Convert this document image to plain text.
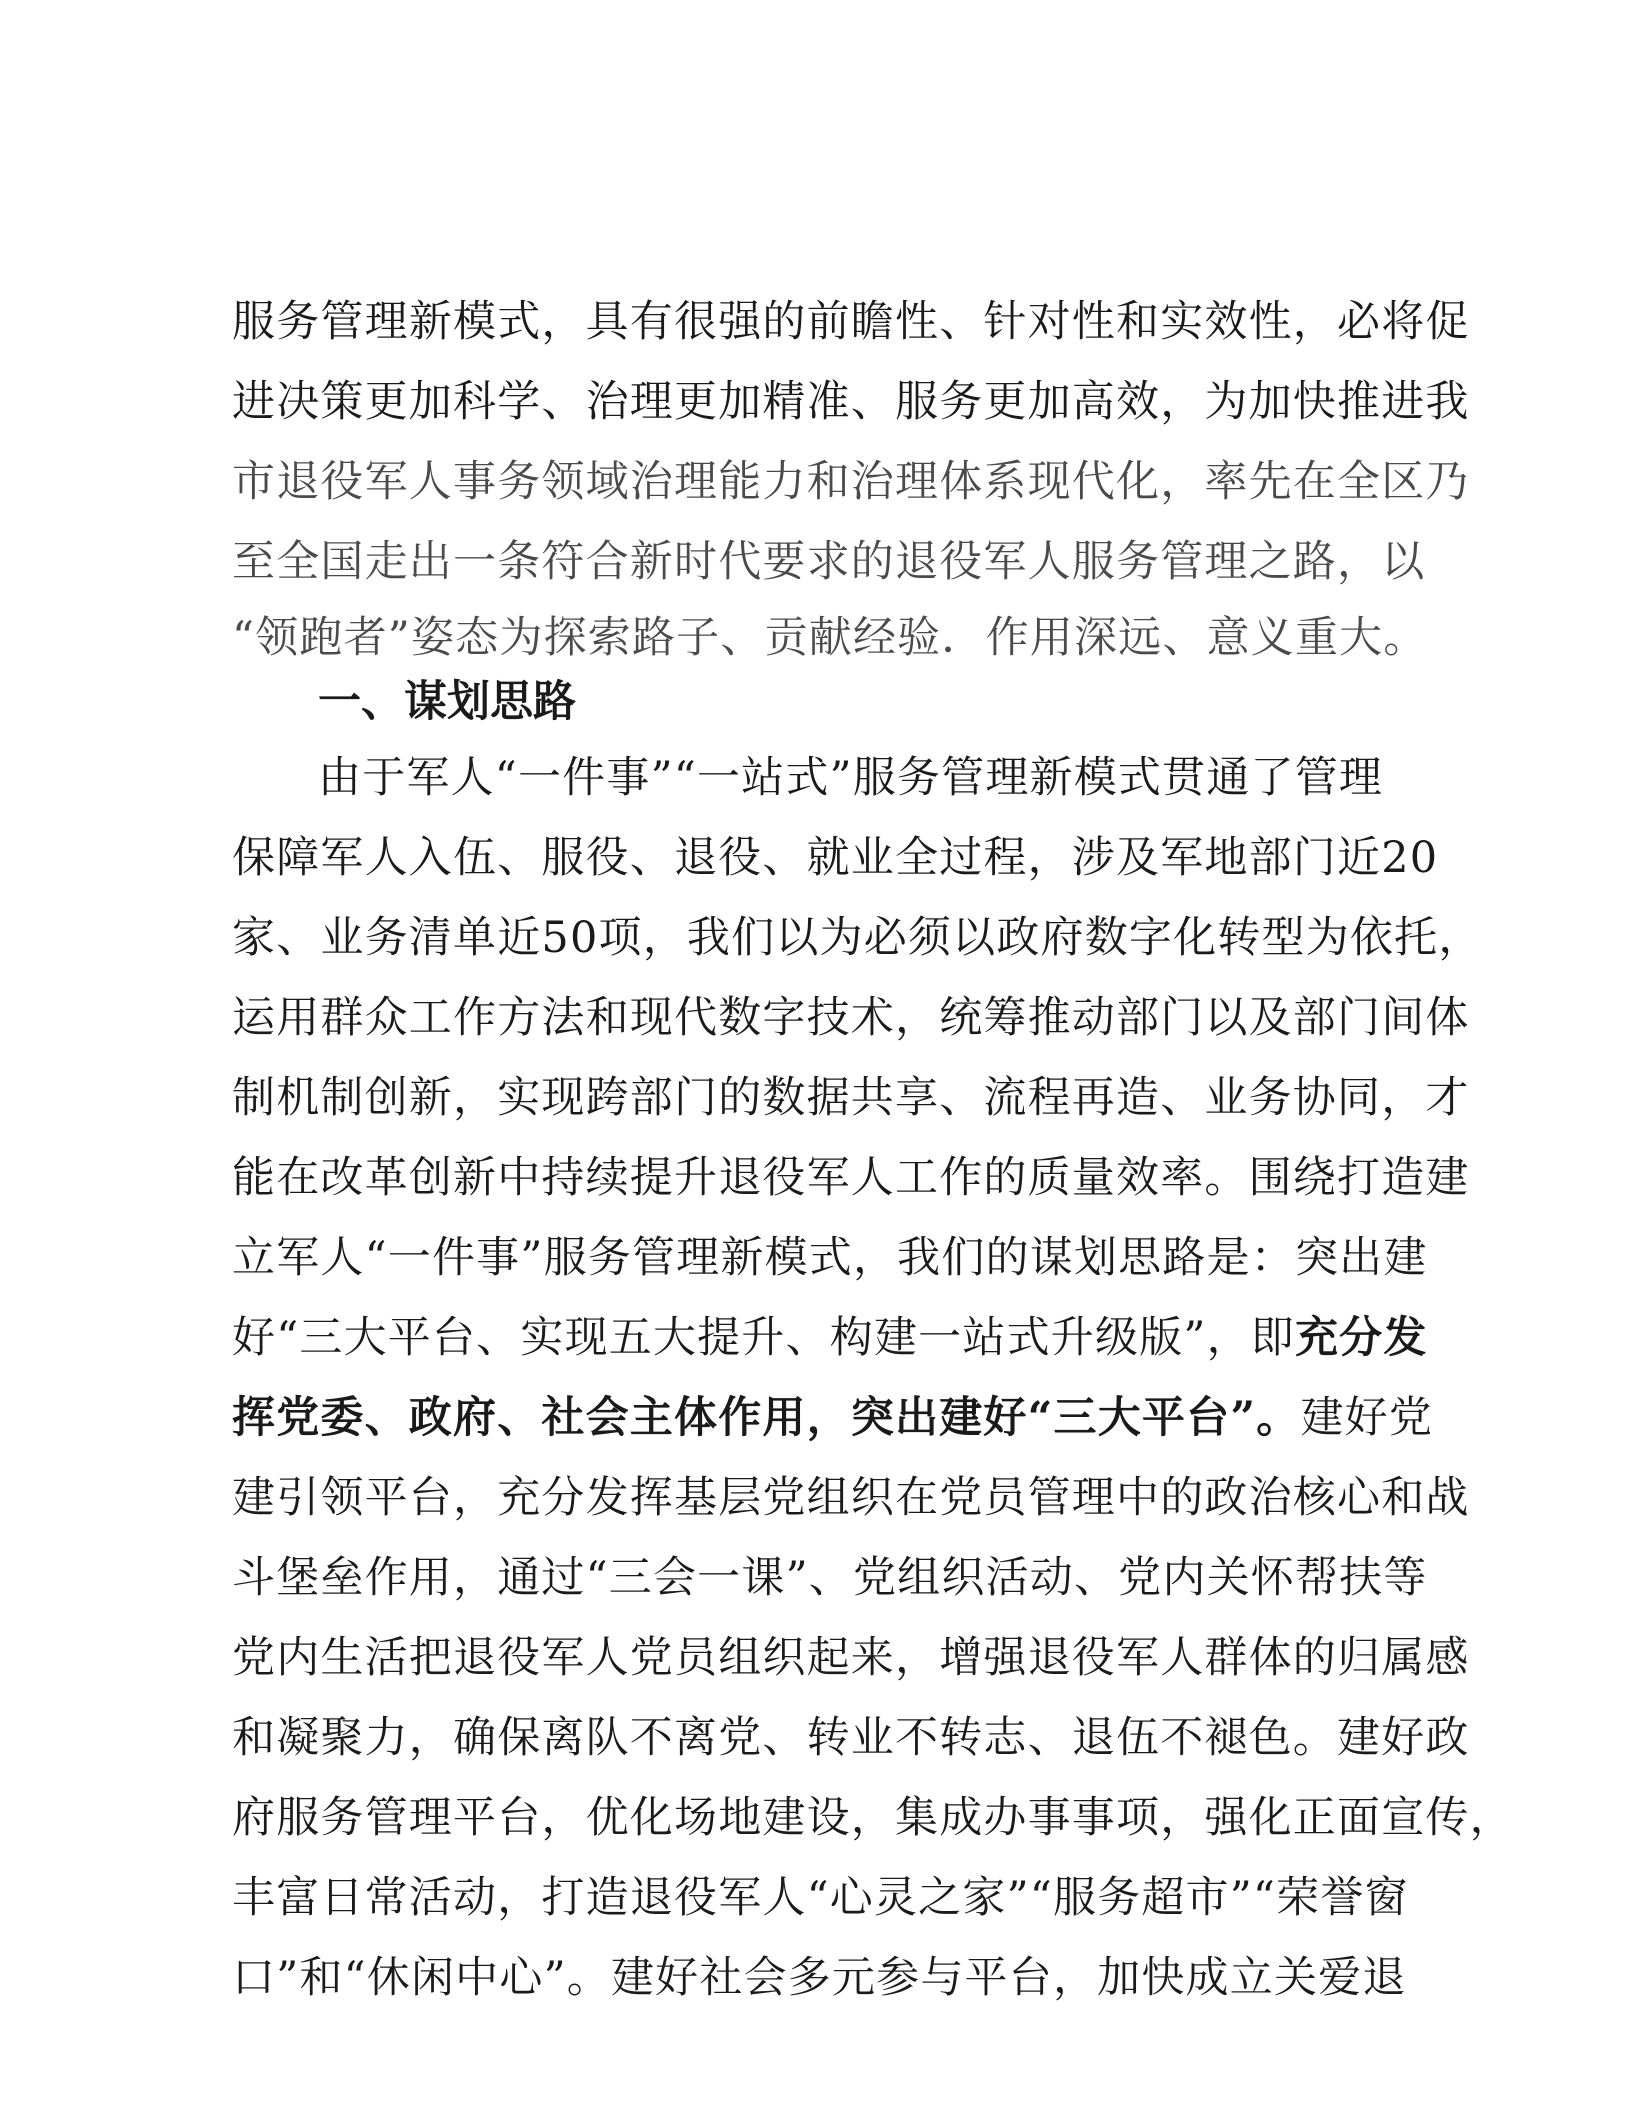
服务管理新模式，具有很强的前瞻性、针对性和实效性，必将促
进决策更加科学、治理更加精准、服务更加高效，为加快推进我
市退役军人事务领域治理能力和治理体系现代化，率先在全区乃
至全国走出一条符合新时代要求的退役军人服务管理之路，以
“领跑者”姿态为探索路子、贡献经验．作用深远、意义重大。
一、谋划思路
由于军人“一件事”“一站式”服务管理新模式贯通了管理
保障军人入伍、服役、退役、就业全过程，涉及军地部门近20
家、业务清单近50项，我们以为必须以政府数字化转型为依托，
运用群众工作方法和现代数字技术，统筹推动部门以及部门间体
制机制创新，实现跨部门的数据共享、流程再造、业务协同，才
能在改革创新中持续提升退役军人工作的质量效率。围绕打造建
立军人“一件事”服务管理新模式，我们的谋划思路是：突出建
好“三大平台、实现五大提升、构建一站式升级版”，即充分发
挥党委、政府、社会主体作用，突出建好“三大平台”。建好党
建引领平台，充分发挥基层党组织在党员管理中的政治核心和战
斗堡垒作用，通过“三会一课”、党组织活动、党内关怀帮扶等
党内生活把退役军人党员组织起来，增强退役军人群体的归属感
和凝聚力，确保离队不离党、转业不转志、退伍不褪色。建好政
府服务管理平台，优化场地建设，集成办事事项，强化正面宣传，
丰富日常活动，打造退役军人“心灵之家”“服务超市”“荣誉窗
口”和“休闲中心”。建好社会多元参与平台，加快成立关爱退
